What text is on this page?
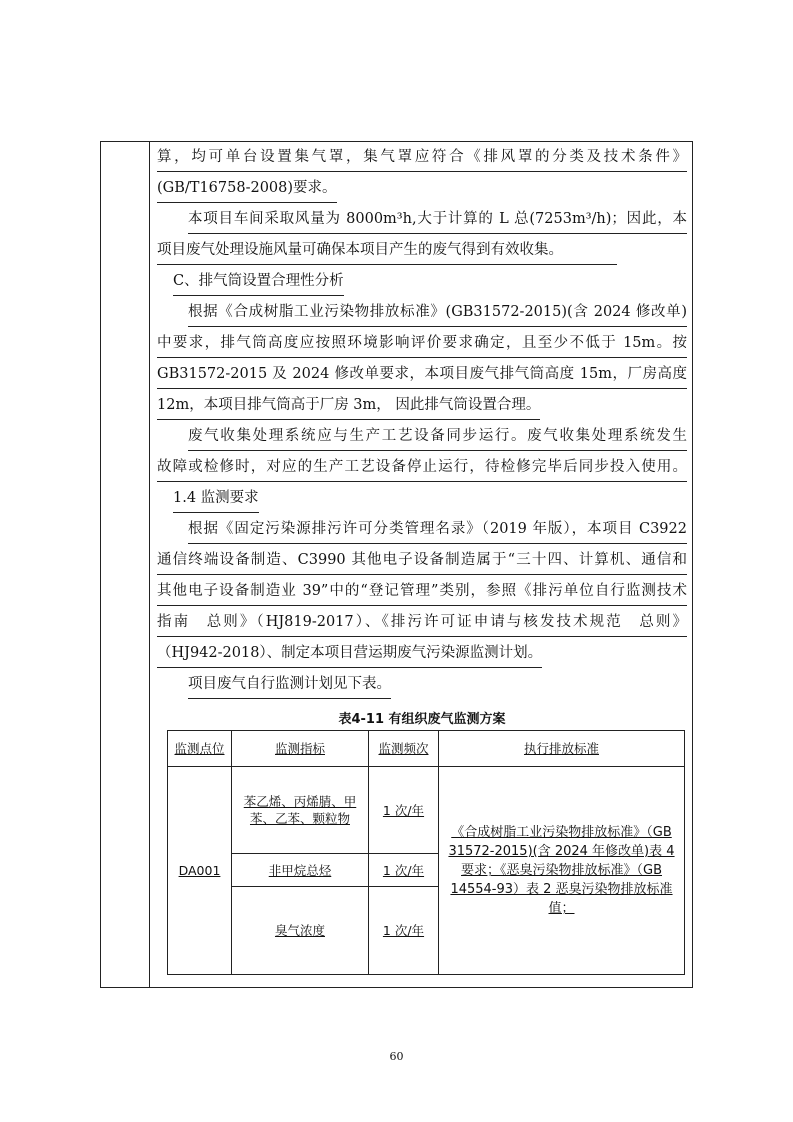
算，均可单台设置集气罩，集气罩应符合《排风罩的分类及技术条件》
(GB/T16758-2008)要求。
本项目车间采取风量为 8000m³h,大于计算的 L 总(7253m³/h)；因此，本
项目废气处理设施风量可确保本项目产生的废气得到有效收集。
C、排气筒设置合理性分析
根据《合成树脂工业污染物排放标准》(GB31572-2015)(含 2024 修改单)
中要求，排气筒高度应按照环境影响评价要求确定，且至少不低于 15m。按
GB31572-2015 及 2024 修改单要求，本项目废气排气筒高度 15m，厂房高度
12m，本项目排气筒高于厂房 3m， 因此排气筒设置合理。
废气收集处理系统应与生产工艺设备同步运行。废气收集处理系统发生
故障或检修时，对应的生产工艺设备停止运行，待检修完毕后同步投入使用。
1.4 监测要求
根据《固定污染源排污许可分类管理名录》（2019 年版），本项目 C3922
通信终端设备制造、C3990 其他电子设备制造属于“三十四、计算机、通信和
其他电子设备制造业 39”中的“登记管理”类别，参照《排污单位自行监测技术
指南　总则》（HJ819-2017）、《排污许可证申请与核发技术规范　总则》
（HJ942-2018）、制定本项目营运期废气污染源监测计划。
项目废气自行监测计划见下表。
表4-11 有组织废气监测方案
监测点位	监测指标	监测频次	执行排放标准
DA001	苯乙烯、丙烯腈、甲苯、乙苯、颗粒物	1 次/年	《合成树脂工业污染物排放标准》（GB 31572-2015)(含 2024 年修改单)表 4 要求；《恶臭污染物排放标准》（GB 14554-93）表 2 恶臭污染物排放标准值；
	非甲烷总烃	1 次/年	
	臭气浓度	1 次/年	
60
